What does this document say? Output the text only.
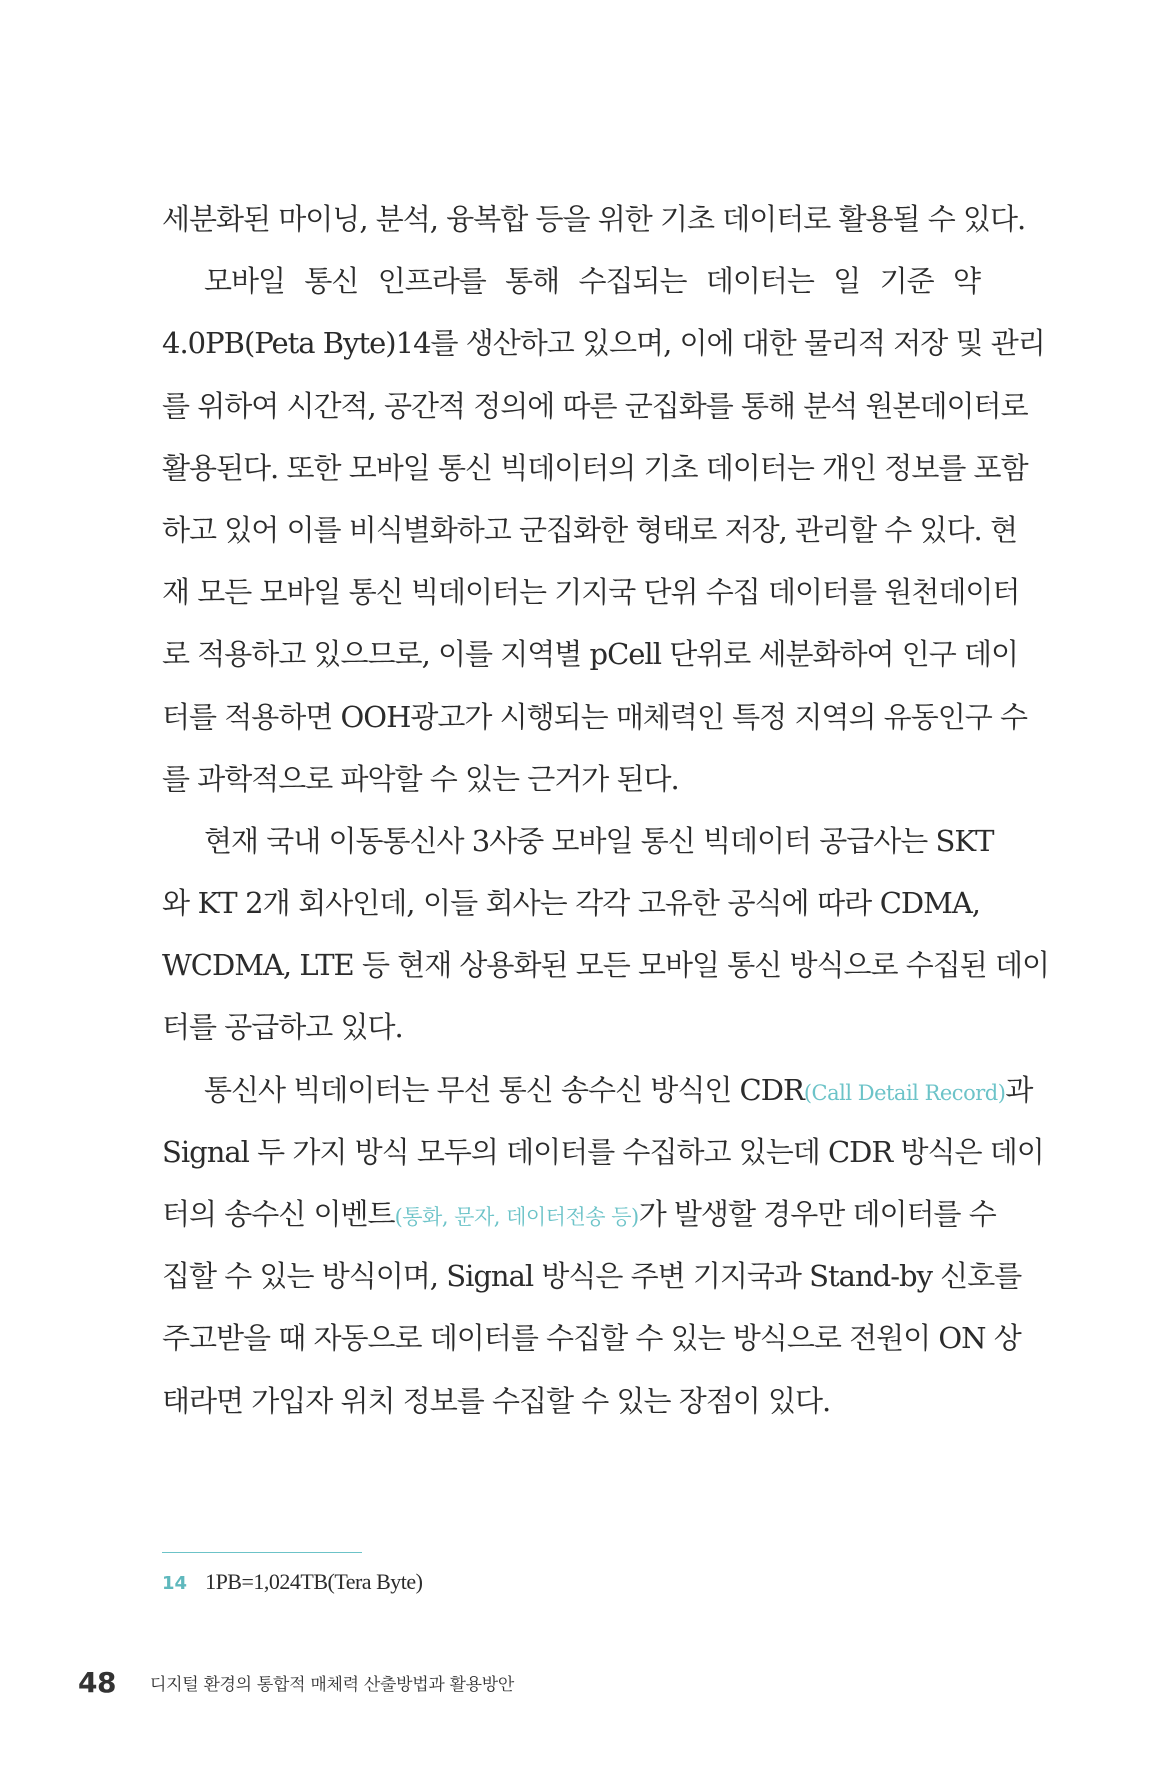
세분화된 마이닝, 분석, 융복합 등을 위한 기초 데이터로 활용될 수 있다.
모바일 통신 인프라를 통해 수집되는 데이터는 일 기준 약
4.0PB(Peta Byte)14를 생산하고 있으며, 이에 대한 물리적 저장 및 관리
를 위하여 시간적, 공간적 정의에 따른 군집화를 통해 분석 원본데이터로
활용된다. 또한 모바일 통신 빅데이터의 기초 데이터는 개인 정보를 포함
하고 있어 이를 비식별화하고 군집화한 형태로 저장, 관리할 수 있다. 현
재 모든 모바일 통신 빅데이터는 기지국 단위 수집 데이터를 원천데이터
로 적용하고 있으므로, 이를 지역별 pCell 단위로 세분화하여 인구 데이
터를 적용하면 OOH광고가 시행되는 매체력인 특정 지역의 유동인구 수
를 과학적으로 파악할 수 있는 근거가 된다.
현재 국내 이동통신사 3사중 모바일 통신 빅데이터 공급사는 SKT
와 KT 2개 회사인데, 이들 회사는 각각 고유한 공식에 따라 CDMA,
WCDMA, LTE 등 현재 상용화된 모든 모바일 통신 방식으로 수집된 데이
터를 공급하고 있다.
통신사 빅데이터는 무선 통신 송수신 방식인 CDR(Call Detail Record)과
Signal 두 가지 방식 모두의 데이터를 수집하고 있는데 CDR 방식은 데이
터의 송수신 이벤트(통화, 문자, 데이터전송 등)가 발생할 경우만 데이터를 수
집할 수 있는 방식이며, Signal 방식은 주변 기지국과 Stand-by 신호를
주고받을 때 자동으로 데이터를 수집할 수 있는 방식으로 전원이 ON 상
태라면 가입자 위치 정보를 수집할 수 있는 장점이 있다.
14 1PB=1,024TB(Tera Byte)
48 디지털 환경의 통합적 매체력 산출방법과 활용방안
